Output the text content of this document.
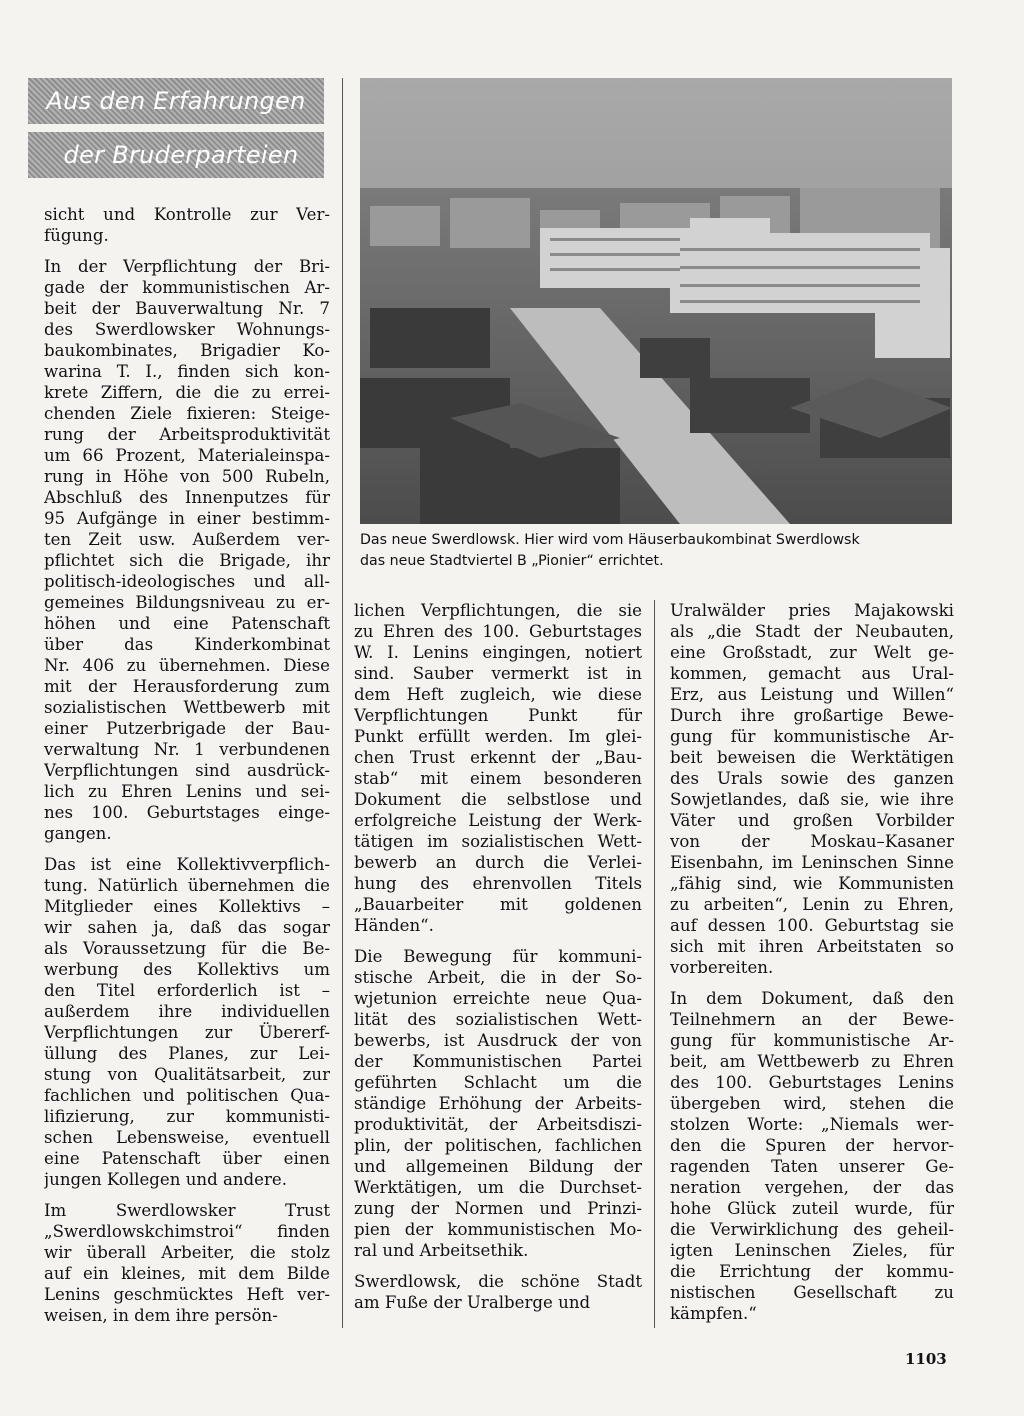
Aus den Erfahrungen
der Bruderparteien
Das neue Swerdlowsk. Hier wird vom Häuserbaukombinat Swerdlowsk
das neue Stadtviertel B „Pionier“ errichtet.
sicht und Kontrolle zur Ver-
fügung.
In der Verpflichtung der Bri-
gade der kommunistischen Ar-
beit der Bauverwaltung Nr. 7
des Swerdlowsker Wohnungs-
baukombinates, Brigadier Ko-
warina T. I., finden sich kon-
krete Ziffern, die die zu errei-
chenden Ziele fixieren: Steige-
rung der Arbeitsproduktivität
um 66 Prozent, Materialeinspa-
rung in Höhe von 500 Rubeln,
Abschluß des Innenputzes für
95 Aufgänge in einer bestimm-
ten Zeit usw. Außerdem ver-
pflichtet sich die Brigade, ihr
politisch-ideologisches und all-
gemeines Bildungsniveau zu er-
höhen und eine Patenschaft
über das Kinderkombinat
Nr. 406 zu übernehmen. Diese
mit der Herausforderung zum
sozialistischen Wettbewerb mit
einer Putzerbrigade der Bau-
verwaltung Nr. 1 verbundenen
Verpflichtungen sind ausdrück-
lich zu Ehren Lenins und sei-
nes 100. Geburtstages einge-
gangen.
Das ist eine Kollektivverpflich-
tung. Natürlich übernehmen die
Mitglieder eines Kollektivs –
wir sahen ja, daß das sogar
als Voraussetzung für die Be-
werbung des Kollektivs um
den Titel erforderlich ist –
außerdem ihre individuellen
Verpflichtungen zur Übererf-
üllung des Planes, zur Lei-
stung von Qualitätsarbeit, zur
fachlichen und politischen Qua-
lifizierung, zur kommunisti-
schen Lebensweise, eventuell
eine Patenschaft über einen
jungen Kollegen und andere.
Im Swerdlowsker Trust
„Swerdlowskchimstroi“ finden
wir überall Arbeiter, die stolz
auf ein kleines, mit dem Bilde
Lenins geschmücktes Heft ver-
weisen, in dem ihre persön-
lichen Verpflichtungen, die sie
zu Ehren des 100. Geburtstages
W. I. Lenins eingingen, notiert
sind. Sauber vermerkt ist in
dem Heft zugleich, wie diese
Verpflichtungen Punkt für
Punkt erfüllt werden. Im glei-
chen Trust erkennt der „Bau-
stab“ mit einem besonderen
Dokument die selbstlose und
erfolgreiche Leistung der Werk-
tätigen im sozialistischen Wett-
bewerb an durch die Verlei-
hung des ehrenvollen Titels
„Bauarbeiter mit goldenen
Händen“.
Die Bewegung für kommuni-
stische Arbeit, die in der So-
wjetunion erreichte neue Qua-
lität des sozialistischen Wett-
bewerbs, ist Ausdruck der von
der Kommunistischen Partei
geführten Schlacht um die
ständige Erhöhung der Arbeits-
produktivität, der Arbeitsdiszi-
plin, der politischen, fachlichen
und allgemeinen Bildung der
Werktätigen, um die Durchset-
zung der Normen und Prinzi-
pien der kommunistischen Mo-
ral und Arbeitsethik.
Swerdlowsk, die schöne Stadt
am Fuße der Uralberge und
Uralwälder pries Majakowski
als „die Stadt der Neubauten,
eine Großstadt, zur Welt ge-
kommen, gemacht aus Ural-
Erz, aus Leistung und Willen“
Durch ihre großartige Bewe-
gung für kommunistische Ar-
beit beweisen die Werktätigen
des Urals sowie des ganzen
Sowjetlandes, daß sie, wie ihre
Väter und großen Vorbilder
von der Moskau–Kasaner
Eisenbahn, im Leninschen Sinne
„fähig sind, wie Kommunisten
zu arbeiten“, Lenin zu Ehren,
auf dessen 100. Geburtstag sie
sich mit ihren Arbeitstaten so
vorbereiten.
In dem Dokument, daß den
Teilnehmern an der Bewe-
gung für kommunistische Ar-
beit, am Wettbewerb zu Ehren
des 100. Geburtstages Lenins
übergeben wird, stehen die
stolzen Worte: „Niemals wer-
den die Spuren der hervor-
ragenden Taten unserer Ge-
neration vergehen, der das
hohe Glück zuteil wurde, für
die Verwirklichung des geheil-
igten Leninschen Zieles, für
die Errichtung der kommu-
nistischen Gesellschaft zu
kämpfen.“
1103
